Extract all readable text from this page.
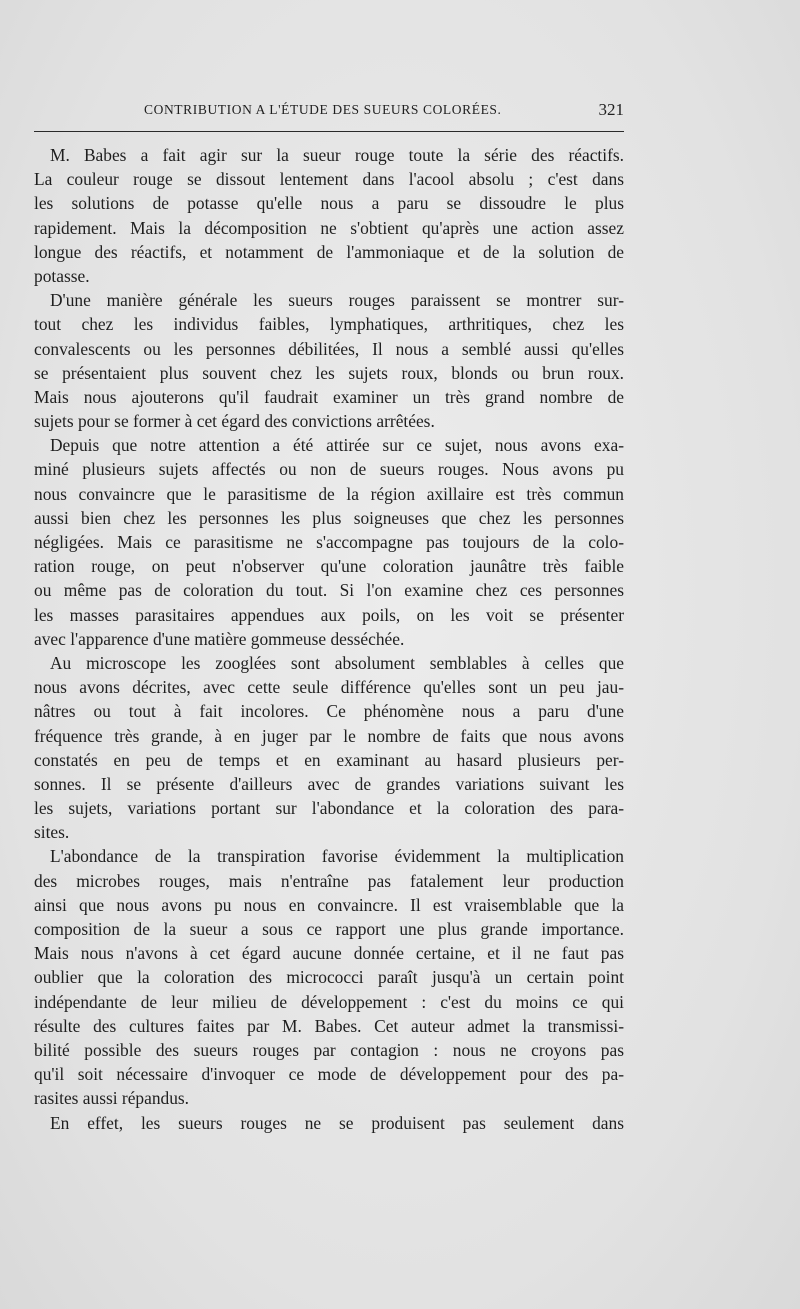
CONTRIBUTION A L'ÉTUDE DES SUEURS COLORÉES.	321
M. Babes a fait agir sur la sueur rouge toute la série des réactifs.
La couleur rouge se dissout lentement dans l'acool absolu ; c'est dans
les solutions de potasse qu'elle nous a paru se dissoudre le plus
rapidement. Mais la décomposition ne s'obtient qu'après une action assez
longue des réactifs, et notamment de l'ammoniaque et de la solution de
potasse.
D'une manière générale les sueurs rouges paraissent se montrer sur-
tout chez les individus faibles, lymphatiques, arthritiques, chez les
convalescents ou les personnes débilitées, Il nous a semblé aussi qu'elles
se présentaient plus souvent chez les sujets roux, blonds ou brun roux.
Mais nous ajouterons qu'il faudrait examiner un très grand nombre de
sujets pour se former à cet égard des convictions arrêtées.
Depuis que notre attention a été attirée sur ce sujet, nous avons exa-
miné plusieurs sujets affectés ou non de sueurs rouges. Nous avons pu
nous convaincre que le parasitisme de la région axillaire est très commun
aussi bien chez les personnes les plus soigneuses que chez les personnes
négligées. Mais ce parasitisme ne s'accompagne pas toujours de la colo-
ration rouge, on peut n'observer qu'une coloration jaunâtre très faible
ou même pas de coloration du tout. Si l'on examine chez ces personnes
les masses parasitaires appendues aux poils, on les voit se présenter
avec l'apparence d'une matière gommeuse desséchée.
Au microscope les zooglées sont absolument semblables à celles que
nous avons décrites, avec cette seule différence qu'elles sont un peu jau-
nâtres ou tout à fait incolores. Ce phénomène nous a paru d'une
fréquence très grande, à en juger par le nombre de faits que nous avons
constatés en peu de temps et en examinant au hasard plusieurs per-
sonnes. Il se présente d'ailleurs avec de grandes variations suivant les
les sujets, variations portant sur l'abondance et la coloration des para-
sites.
L'abondance de la transpiration favorise évidemment la multiplication
des microbes rouges, mais n'entraîne pas fatalement leur production
ainsi que nous avons pu nous en convaincre. Il est vraisemblable que la
composition de la sueur a sous ce rapport une plus grande importance.
Mais nous n'avons à cet égard aucune donnée certaine, et il ne faut pas
oublier que la coloration des micrococci paraît jusqu'à un certain point
indépendante de leur milieu de développement : c'est du moins ce qui
résulte des cultures faites par M. Babes. Cet auteur admet la transmissi-
bilité possible des sueurs rouges par contagion : nous ne croyons pas
qu'il soit nécessaire d'invoquer ce mode de développement pour des pa-
rasites aussi répandus.
En effet, les sueurs rouges ne se produisent pas seulement dans
